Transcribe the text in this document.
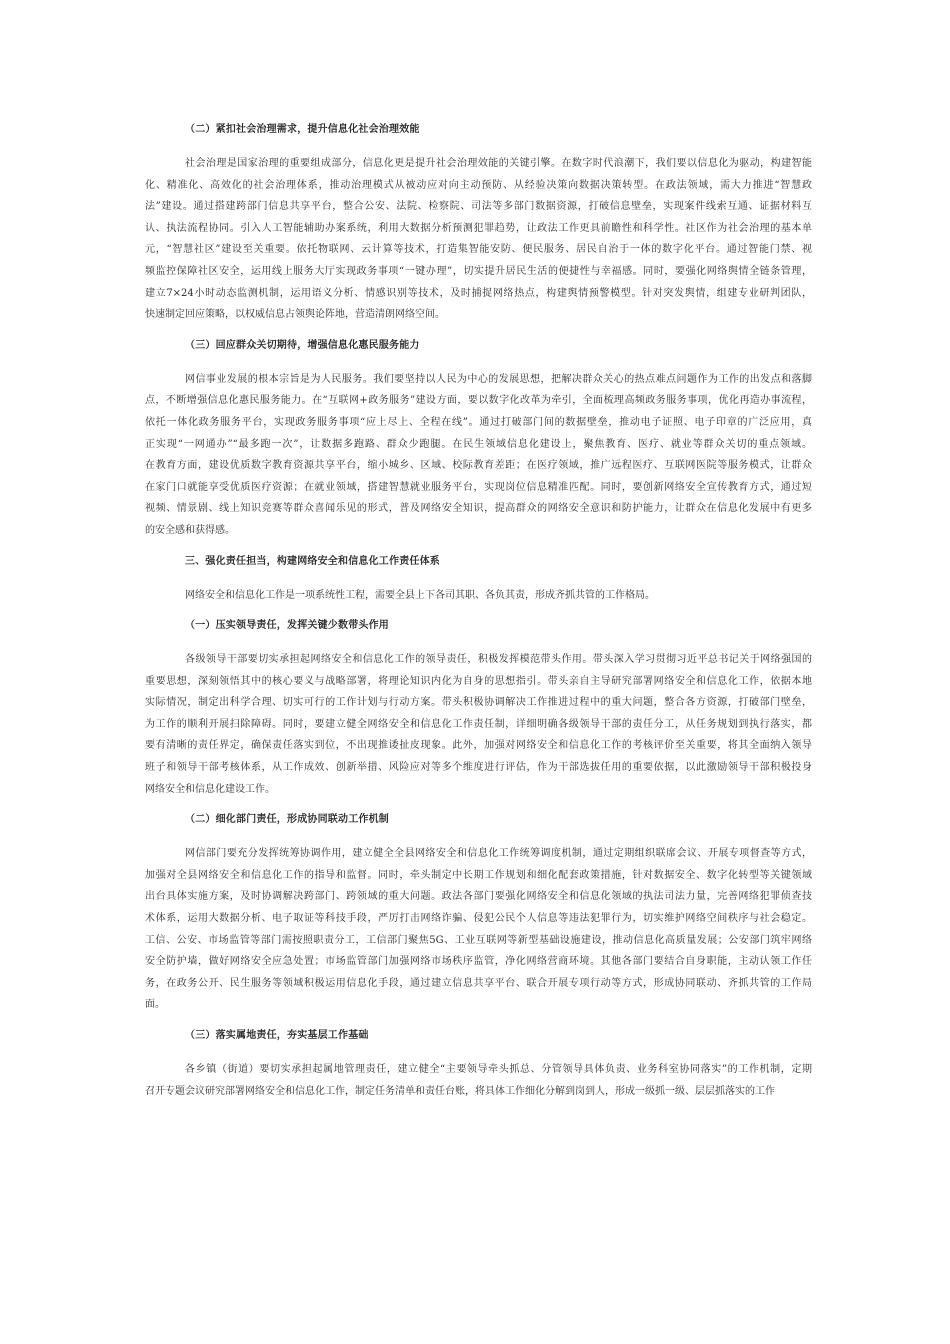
（二）紧扣社会治理需求，提升信息化社会治理效能
社会治理是国家治理的重要组成部分，信息化更是提升社会治理效能的关键引擎。在数字时代浪潮下，我们要以信息化为驱动，构建智能
化、精准化、高效化的社会治理体系，推动治理模式从被动应对向主动预防、从经验决策向数据决策转型。在政法领域，需大力推进“智慧政
法”建设。通过搭建跨部门信息共享平台，整合公安、法院、检察院、司法等多部门数据资源，打破信息壁垒，实现案件线索互通、证据材料互
认、执法流程协同。引入人工智能辅助办案系统，利用大数据分析预测犯罪趋势，让政法工作更具前瞻性和科学性。社区作为社会治理的基本单
元，“智慧社区”建设至关重要。依托物联网、云计算等技术，打造集智能安防、便民服务、居民自治于一体的数字化平台。通过智能门禁、视
频监控保障社区安全，运用线上服务大厅实现政务事项“一键办理”，切实提升居民生活的便捷性与幸福感。同时，要强化网络舆情全链条管理，
建立7×24小时动态监测机制，运用语义分析、情感识别等技术，及时捕捉网络热点，构建舆情预警模型。针对突发舆情，组建专业研判团队，
快速制定回应策略，以权威信息占领舆论阵地，营造清朗网络空间。
（三）回应群众关切期待，增强信息化惠民服务能力
网信事业发展的根本宗旨是为人民服务。我们要坚持以人民为中心的发展思想，把解决群众关心的热点难点问题作为工作的出发点和落脚
点，不断增强信息化惠民服务能力。在“互联网+政务服务”建设方面，要以数字化改革为牵引，全面梳理高频政务服务事项，优化再造办事流程，
依托一体化政务服务平台，实现政务服务事项“应上尽上、全程在线”。通过打破部门间的数据壁垒，推动电子证照、电子印章的广泛应用，真
正实现“一网通办”“最多跑一次”，让数据多跑路、群众少跑腿。在民生领域信息化建设上，聚焦教育、医疗、就业等群众关切的重点领域。
在教育方面，建设优质数字教育资源共享平台，缩小城乡、区域、校际教育差距；在医疗领域，推广远程医疗、互联网医院等服务模式，让群众
在家门口就能享受优质医疗资源；在就业领域，搭建智慧就业服务平台，实现岗位信息精准匹配。同时，要创新网络安全宣传教育方式，通过短
视频、情景剧、线上知识竞赛等群众喜闻乐见的形式，普及网络安全知识，提高群众的网络安全意识和防护能力，让群众在信息化发展中有更多
的安全感和获得感。
三、强化责任担当，构建网络安全和信息化工作责任体系
网络安全和信息化工作是一项系统性工程，需要全县上下各司其职、各负其责，形成齐抓共管的工作格局。
（一）压实领导责任，发挥关键少数带头作用
各级领导干部要切实承担起网络安全和信息化工作的领导责任，积极发挥模范带头作用。带头深入学习贯彻习近平总书记关于网络强国的
重要思想，深刻领悟其中的核心要义与战略部署，将理论知识内化为自身的思想指引。带头亲自主导研究部署网络安全和信息化工作，依据本地
实际情况，制定出科学合理、切实可行的工作计划与行动方案。带头积极协调解决工作推进过程中的重大问题，整合各方资源，打破部门壁垒，
为工作的顺利开展扫除障碍。同时，要建立健全网络安全和信息化工作责任制，详细明确各级领导干部的责任分工，从任务规划到执行落实，都
要有清晰的责任界定，确保责任落实到位，不出现推诿扯皮现象。此外，加强对网络安全和信息化工作的考核评价至关重要，将其全面纳入领导
班子和领导干部考核体系，从工作成效、创新举措、风险应对等多个维度进行评估，作为干部选拔任用的重要依据，以此激励领导干部积极投身
网络安全和信息化建设工作。
（二）细化部门责任，形成协同联动工作机制
网信部门要充分发挥统筹协调作用，建立健全全县网络安全和信息化工作统筹调度机制，通过定期组织联席会议、开展专项督查等方式，
加强对全县网络安全和信息化工作的指导和监督。同时，牵头制定中长期工作规划和细化配套政策措施，针对数据安全、数字化转型等关键领域
出台具体实施方案，及时协调解决跨部门、跨领域的重大问题。政法各部门要强化网络安全和信息化领域的执法司法力量，完善网络犯罪侦查技
术体系，运用大数据分析、电子取证等科技手段，严厉打击网络诈骗、侵犯公民个人信息等违法犯罪行为，切实维护网络空间秩序与社会稳定。
工信、公安、市场监管等部门需按照职责分工，工信部门聚焦5G、工业互联网等新型基础设施建设，推动信息化高质量发展；公安部门筑牢网络
安全防护墙，做好网络安全应急处置；市场监管部门加强网络市场秩序监管，净化网络营商环境。其他各部门要结合自身职能，主动认领工作任
务，在政务公开、民生服务等领域积极运用信息化手段，通过建立信息共享平台、联合开展专项行动等方式，形成协同联动、齐抓共管的工作局
面。
（三）落实属地责任，夯实基层工作基础
各乡镇（街道）要切实承担起属地管理责任，建立健全“主要领导牵头抓总、分管领导具体负责、业务科室协同落实”的工作机制，定期
召开专题会议研究部署网络安全和信息化工作，制定任务清单和责任台账，将具体工作细化分解到岗到人，形成一级抓一级、层层抓落实的工作
